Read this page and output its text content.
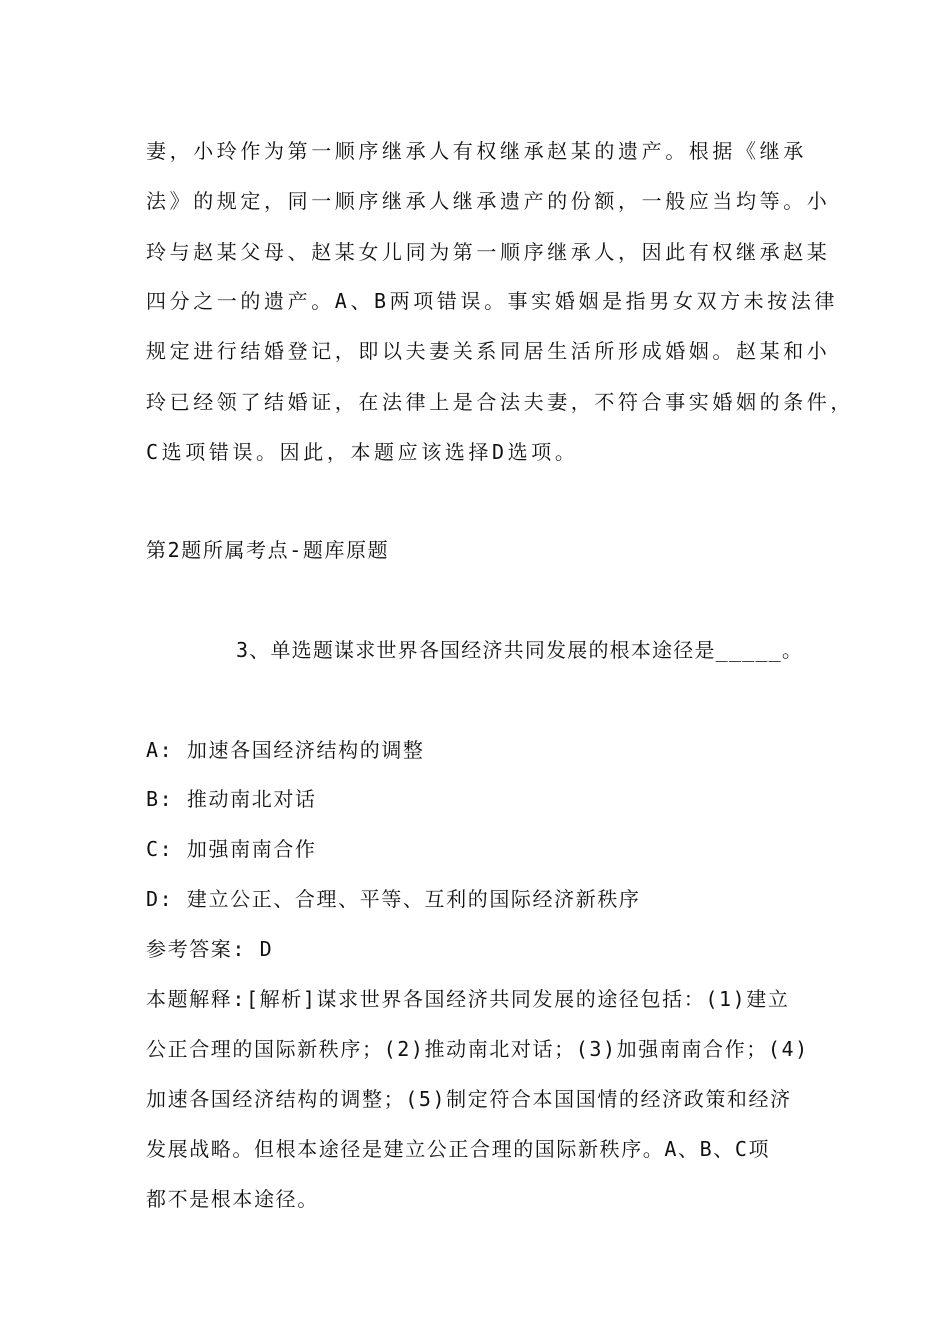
妻，小玲作为第一顺序继承人有权继承赵某的遗产。根据《继承
法》的规定，同一顺序继承人继承遗产的份额，一般应当均等。小
玲与赵某父母、赵某女儿同为第一顺序继承人，因此有权继承赵某
四分之一的遗产。A、B两项错误。事实婚姻是指男女双方未按法律
规定进行结婚登记，即以夫妻关系同居生活所形成婚姻。赵某和小
玲已经领了结婚证，在法律上是合法夫妻，不符合事实婚姻的条件，
C选项错误。因此，本题应该选择D选项。
第2题所属考点-题库原题
3、单选题谋求世界各国经济共同发展的根本途径是_____。
A: 加速各国经济结构的调整
B: 推动南北对话
C: 加强南南合作
D: 建立公正、合理、平等、互利的国际经济新秩序
参考答案: D
本题解释:[解析]谋求世界各国经济共同发展的途径包括：(1)建立
公正合理的国际新秩序；(2)推动南北对话；(3)加强南南合作；(4)
加速各国经济结构的调整；(5)制定符合本国国情的经济政策和经济
发展战略。但根本途径是建立公正合理的国际新秩序。A、B、C项
都不是根本途径。
